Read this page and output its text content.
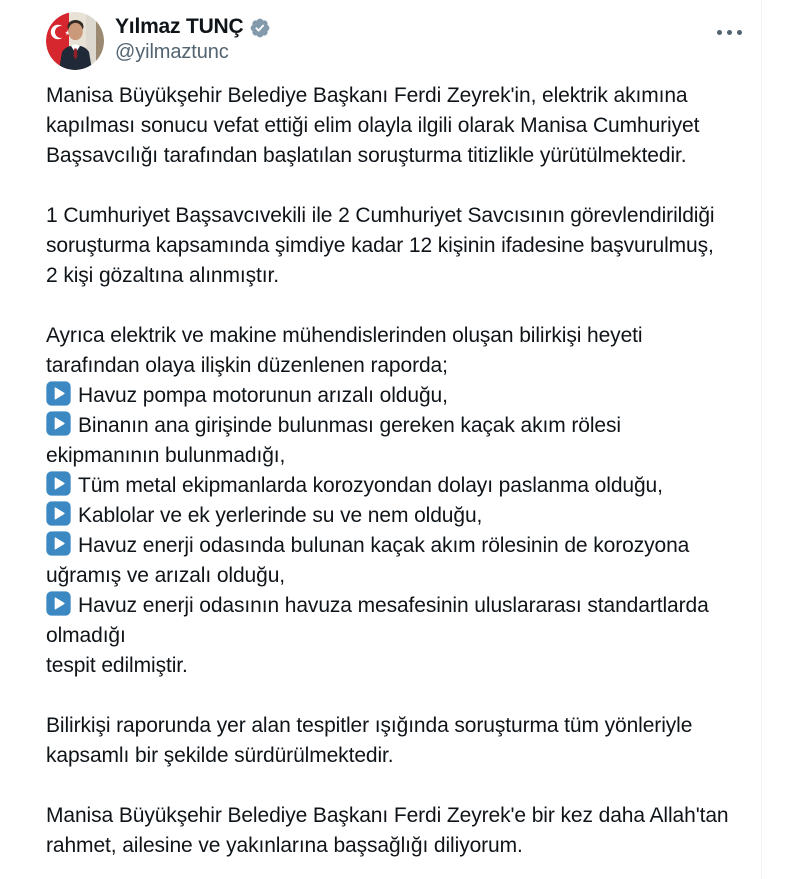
Yılmaz TUNÇ
@yilmaztunc
Manisa Büyükşehir Belediye Başkanı Ferdi Zeyrek'in, elektrik akımına
kapılması sonucu vefat ettiği elim olayla ilgili olarak Manisa Cumhuriyet
Başsavcılığı tarafından başlatılan soruşturma titizlikle yürütülmektedir.
1 Cumhuriyet Başsavcıvekili ile 2 Cumhuriyet Savcısının görevlendirildiği
soruşturma kapsamında şimdiye kadar 12 kişinin ifadesine başvurulmuş,
2 kişi gözaltına alınmıştır.
Ayrıca elektrik ve makine mühendislerinden oluşan bilirkişi heyeti
tarafından olaya ilişkin düzenlenen raporda;
Havuz pompa motorunun arızalı olduğu,
Binanın ana girişinde bulunması gereken kaçak akım rölesi
ekipmanının bulunmadığı,
Tüm metal ekipmanlarda korozyondan dolayı paslanma olduğu,
Kablolar ve ek yerlerinde su ve nem olduğu,
Havuz enerji odasında bulunan kaçak akım rölesinin de korozyona
uğramış ve arızalı olduğu,
Havuz enerji odasının havuza mesafesinin uluslararası standartlarda
olmadığı
tespit edilmiştir.
Bilirkişi raporunda yer alan tespitler ışığında soruşturma tüm yönleriyle
kapsamlı bir şekilde sürdürülmektedir.
Manisa Büyükşehir Belediye Başkanı Ferdi Zeyrek'e bir kez daha Allah'tan
rahmet, ailesine ve yakınlarına başsağlığı diliyorum.
